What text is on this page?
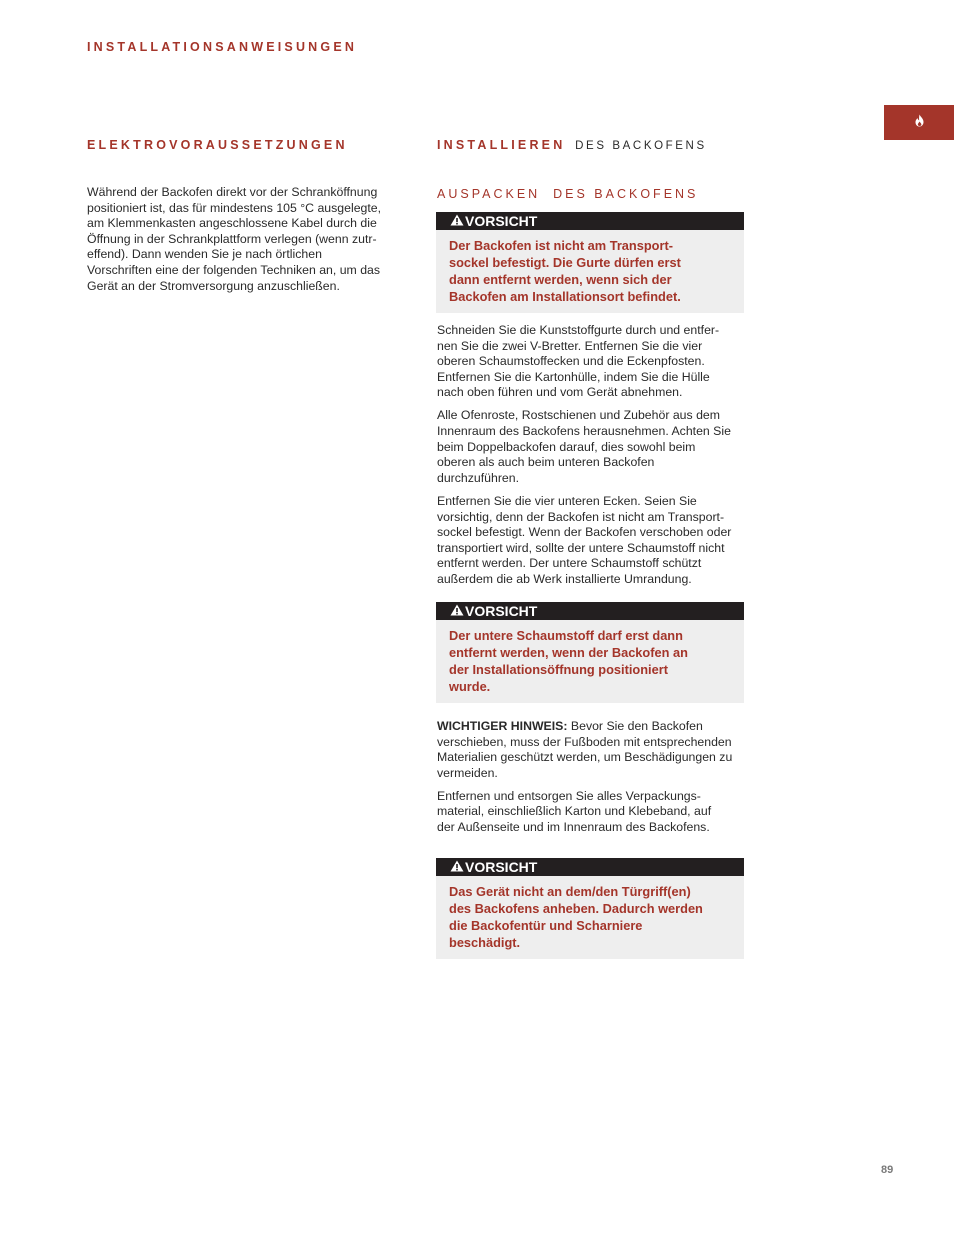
INSTALLATIONSANWEISUNGEN
ELEKTROVORAUSSETZUNGEN
Während der Backofen direkt vor der Schranköffnung
positioniert ist, das für mindestens 105 °C ausgelegte,
am Klemmenkasten angeschlossene Kabel durch die
Öffnung in der Schrankplattform verlegen (wenn zutr-
effend). Dann wenden Sie je nach örtlichen
Vorschriften eine der folgenden Techniken an, um das
Gerät an der Stromversorgung anzuschließen.
INSTALLIEREN DES BACKOFENS
AUSPACKEN  DES BACKOFENS
VORSICHT
Der Backofen ist nicht am Transport-
sockel befestigt. Die Gurte dürfen erst
dann entfernt werden, wenn sich der
Backofen am Installationsort befindet.

Schneiden Sie die Kunststoffgurte durch und entfer-
nen Sie die zwei V-Bretter. Entfernen Sie die vier
oberen Schaumstoffecken und die Eckenpfosten.
Entfernen Sie die Kartonhülle, indem Sie die Hülle
nach oben führen und vom Gerät abnehmen.

Alle Ofenroste, Rostschienen und Zubehör aus dem
Innenraum des Backofens herausnehmen. Achten Sie
beim Doppelbackofen darauf, dies sowohl beim
oberen als auch beim unteren Backofen
durchzuführen.

Entfernen Sie die vier unteren Ecken. Seien Sie
vorsichtig, denn der Backofen ist nicht am Transport-
sockel befestigt. Wenn der Backofen verschoben oder
transportiert wird, sollte der untere Schaumstoff nicht
entfernt werden. Der untere Schaumstoff schützt
außerdem die ab Werk installierte Umrandung.

VORSICHT
Der untere Schaumstoff darf erst dann
entfernt werden, wenn der Backofen an
der Installationsöffnung positioniert
wurde.

WICHTIGER HINWEIS: Bevor Sie den Backofen
verschieben, muss der Fußboden mit entsprechenden
Materialien geschützt werden, um Beschädigungen zu
vermeiden.

Entfernen und entsorgen Sie alles Verpackungs-
material, einschließlich Karton und Klebeband, auf
der Außenseite und im Innenraum des Backofens.

VORSICHT
Das Gerät nicht an dem/den Türgriff(en)
des Backofens anheben. Dadurch werden
die Backofentür und Scharniere
beschädigt.
89
